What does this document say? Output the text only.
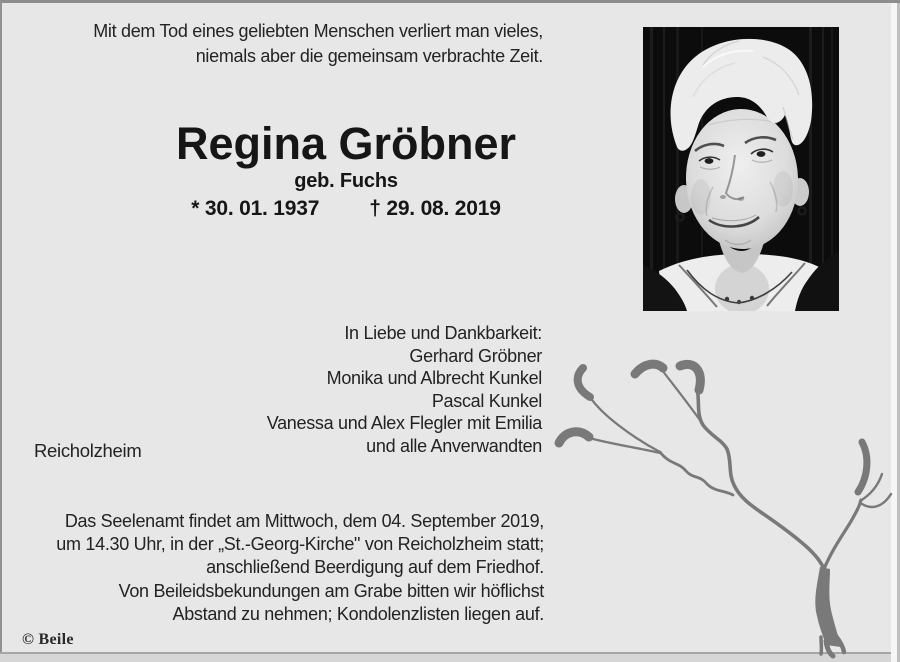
Mit dem Tod eines geliebten Menschen verliert man vieles,
niemals aber die gemeinsam verbrachte Zeit.
Regina Gröbner
geb. Fuchs
* 30. 01. 1937 † 29. 08. 2019
In Liebe und Dankbarkeit:
Gerhard Gröbner
Monika und Albrecht Kunkel
Pascal Kunkel
Vanessa und Alex Flegler mit Emilia
und alle Anverwandten
Reicholzheim
Das Seelenamt findet am Mittwoch, dem 04. September 2019,
um 14.30 Uhr, in der „St.-Georg-Kirche" von Reicholzheim statt;
anschließend Beerdigung auf dem Friedhof.
Von Beileidsbekundungen am Grabe bitten wir höflichst
Abstand zu nehmen; Kondolenzlisten liegen auf.
© Beile
